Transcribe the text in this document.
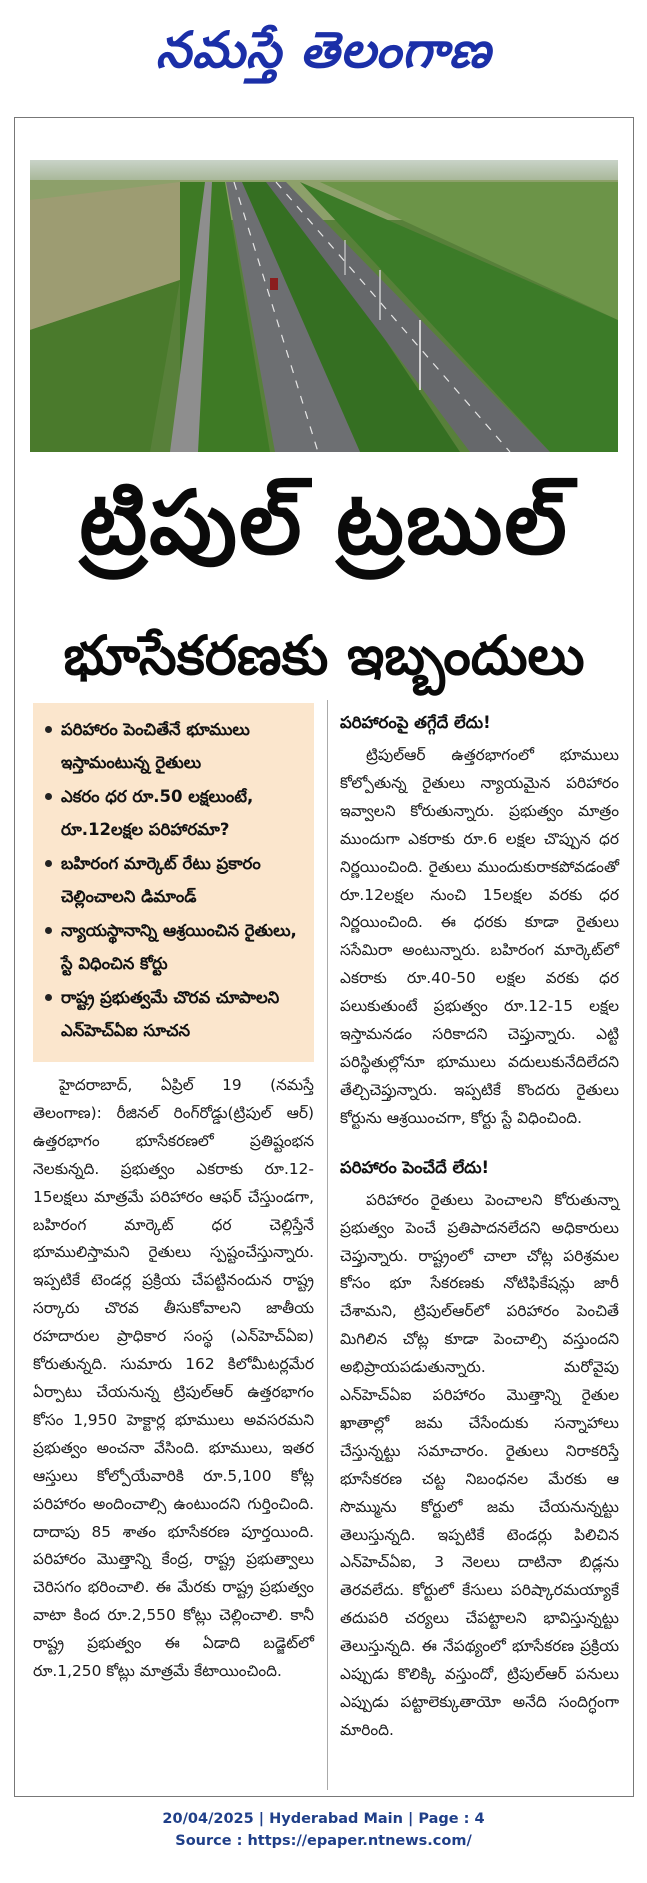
నమస్తే తెలంగాణ
ట్రిపుల్ ట్రబుల్
భూసేకరణకు ఇబ్బందులు
పరిహారం పెంచితేనే భూములు ఇస్తామంటున్న రైతులు
ఎకరం ధర రూ.50 లక్షలుంటే, రూ.12లక్షల పరిహారమా?
బహిరంగ మార్కెట్ రేటు ప్రకారం చెల్లించాలని డిమాండ్
న్యాయస్థానాన్ని ఆశ్రయించిన రైతులు, స్టే విధించిన కోర్టు
రాష్ట్ర ప్రభుత్వమే చొరవ చూపాలని ఎన్‌హెచ్‌ఏఐ సూచన

హైదరాబాద్, ఏప్రిల్ 19 (నమస్తే తెలంగాణ): రీజినల్ రింగ్‌రోడ్డు(ట్రిపుల్ ఆర్) ఉత్తరభాగం భూసేకరణలో ప్రతిష్టంభన నెలకున్నది. ప్రభుత్వం ఎకరాకు రూ.12-15లక్షలు మాత్రమే పరిహారం ఆఫర్ చేస్తుండగా, బహిరంగ మార్కెట్ ధర చెల్లిస్తేనే భూములిస్తామని రైతులు స్పష్టంచేస్తున్నారు. ఇప్పటికే టెండర్ల ప్రక్రియ చేపట్టినందున రాష్ట్ర సర్కారు చొరవ తీసుకోవాలని జాతీయ రహదారుల ప్రాధికార సంస్థ (ఎన్‌హెచ్‌ఏఐ) కోరుతున్నది. సుమారు 162 కిలోమీటర్లమేర ఏర్పాటు చేయనున్న ట్రిపుల్‌ఆర్ ఉత్తరభాగం కోసం 1,950 హెక్టార్ల భూములు అవసరమని ప్రభుత్వం అంచనా వేసింది. భూములు, ఇతర ఆస్తులు కోల్పోయేవారికి రూ.5,100 కోట్ల పరిహారం అందించాల్సి ఉంటుందని గుర్తించింది. దాదాపు 85 శాతం భూసేకరణ పూర్తయింది. పరిహారం మొత్తాన్ని కేంద్ర, రాష్ట్ర ప్రభుత్వాలు చెరిసగం భరించాలి. ఈ మేరకు రాష్ట్ర ప్రభుత్వం వాటా కింద రూ.2,550 కోట్లు చెల్లించాలి. కానీ రాష్ట్ర ప్రభుత్వం ఈ ఏడాది బడ్జెట్‌లో రూ.1,250 కోట్లు మాత్రమే కేటాయించింది.

పరిహారంపై తగ్గేదే లేదు!

ట్రిపుల్‌ఆర్ ఉత్తరభాగంలో భూములు కోల్పోతున్న రైతులు న్యాయమైన పరిహారం ఇవ్వాలని కోరుతున్నారు. ప్రభుత్వం మాత్రం ముందుగా ఎకరాకు రూ.6 లక్షల చొప్పున ధర నిర్ణయించింది. రైతులు ముందుకురాకపోవడంతో రూ.12లక్షల నుంచి 15లక్షల వరకు ధర నిర్ణయించింది. ఈ ధరకు కూడా రైతులు ససేమిరా అంటున్నారు. బహిరంగ మార్కెట్‌లో ఎకరాకు రూ.40-50 లక్షల వరకు ధర పలుకుతుంటే ప్రభుత్వం రూ.12-15 లక్షల ఇస్తామనడం సరికాదని చెప్తున్నారు. ఎట్టి పరిస్థితుల్లోనూ భూములు వదులుకునేదిలేదని తేల్చిచెప్తున్నారు. ఇప్పటికే కొందరు రైతులు కోర్టును ఆశ్రయించగా, కోర్టు స్టే విధించింది.

పరిహారం పెంచేదే లేదు!

పరిహారం రైతులు పెంచాలని కోరుతున్నా ప్రభుత్వం పెంచే ప్రతిపాదనలేదని అధికారులు చెప్తున్నారు. రాష్ట్రంలో చాలా చోట్ల పరిశ్రమల కోసం భూ సేకరణకు నోటిఫికేషన్లు జారీ చేశామని, ట్రిపుల్‌ఆర్‌లో పరిహారం పెంచితే మిగిలిన చోట్ల కూడా పెంచాల్సి వస్తుందని అభిప్రాయపడుతున్నారు. మరోవైపు ఎన్‌హెచ్‌ఏఐ పరిహారం మొత్తాన్ని రైతుల ఖాతాల్లో జమ చేసేందుకు సన్నాహాలు చేస్తున్నట్టు సమాచారం. రైతులు నిరాకరిస్తే భూసేకరణ చట్ట నిబంధనల మేరకు ఆ సొమ్మును కోర్టులో జమ చేయనున్నట్టు తెలుస్తున్నది. ఇప్పటికే టెండర్లు పిలిచిన ఎన్‌హెచ్‌ఏఐ, 3 నెలలు దాటినా బిడ్లను తెరవలేదు. కోర్టులో కేసులు పరిష్కారమయ్యాకే తదుపరి చర్యలు చేపట్టాలని భావిస్తున్నట్టు తెలుస్తున్నది. ఈ నేపథ్యంలో భూసేకరణ ప్రక్రియ ఎప్పుడు కొలిక్కి వస్తుందో, ట్రిపుల్‌ఆర్ పనులు ఎప్పుడు పట్టాలెక్కుతాయో అనేది సందిగ్ధంగా మారింది.

20/04/2025 | Hyderabad Main | Page : 4
Source : https://epaper.ntnews.com/
